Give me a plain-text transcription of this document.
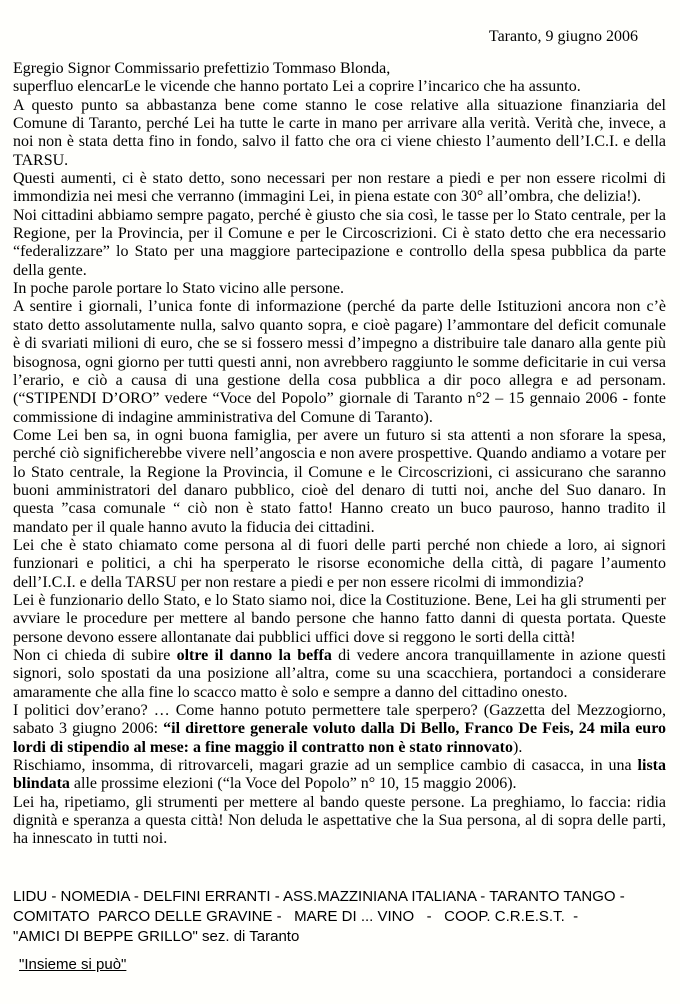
Taranto, 9 giugno 2006

Egregio Signor Commissario prefettizio Tommaso Blonda,

superfluo elencarLe le vicende che hanno portato Lei a coprire l’incarico che ha assunto.

A questo punto sa abbastanza bene come stanno le cose relative alla situazione finanziaria del Comune di Taranto, perché Lei ha tutte le carte in mano per arrivare alla verità. Verità che, invece, a noi non è stata detta fino in fondo, salvo il fatto che ora ci viene chiesto l’aumento dell’I.C.I. e della TARSU.

Questi aumenti, ci è stato detto, sono necessari per non restare a piedi e per non essere ricolmi di immondizia nei mesi che verranno (immagini Lei, in piena estate con 30° all’ombra, che delizia!).

Noi cittadini abbiamo sempre pagato, perché è giusto che sia così, le tasse per lo Stato centrale, per la Regione, per la Provincia, per il Comune e per le Circoscrizioni. Ci è stato detto che era necessario “federalizzare” lo Stato per una maggiore partecipazione e controllo della spesa pubblica da parte della gente.

In poche parole portare lo Stato vicino alle persone.

A sentire i giornali, l’unica fonte di informazione (perché da parte delle Istituzioni ancora non c’è stato detto assolutamente nulla, salvo quanto sopra, e cioè pagare) l’ammontare del deficit comunale è di svariati milioni di euro, che se si fossero messi d’impegno a distribuire tale danaro alla gente più bisognosa, ogni giorno per tutti questi anni, non avrebbero raggiunto le somme deficitarie in cui versa l’erario, e ciò a causa di una gestione della cosa pubblica a dir poco allegra e ad personam. (“STIPENDI D’ORO” vedere “Voce del Popolo” giornale di Taranto n°2 – 15 gennaio 2006 - fonte commissione di indagine amministrativa del Comune di Taranto).

Come Lei ben sa, in ogni buona famiglia, per avere un futuro si sta attenti a non sforare la spesa, perché ciò significherebbe vivere nell’angoscia e non avere prospettive. Quando andiamo a votare per lo Stato centrale, la Regione la Provincia, il Comune e le Circoscrizioni, ci assicurano che saranno buoni amministratori del danaro pubblico, cioè del denaro di tutti noi, anche del Suo danaro. In questa ”casa comunale “ ciò non è stato fatto! Hanno creato un buco pauroso, hanno tradito il mandato per il quale hanno avuto la fiducia dei cittadini.

Lei che è stato chiamato come persona al di fuori delle parti perché non chiede a loro, ai signori funzionari e politici, a chi ha sperperato le risorse economiche della città, di pagare l’aumento dell’I.C.I. e della TARSU per non restare a piedi e per non essere ricolmi di immondizia?

Lei è funzionario dello Stato, e lo Stato siamo noi, dice la Costituzione. Bene, Lei ha gli strumenti per avviare le procedure per mettere al bando persone che hanno fatto danni di questa portata. Queste persone devono essere allontanate dai pubblici uffici dove si reggono le sorti della città!

Non ci chieda di subire oltre il danno la beffa di vedere ancora tranquillamente in azione questi signori, solo spostati da una posizione all’altra, come su una scacchiera, portandoci a considerare amaramente che alla fine lo scacco matto è solo e sempre a danno del cittadino onesto.

I politici dov’erano? … Come hanno potuto permettere tale sperpero? (Gazzetta del Mezzogiorno, sabato 3 giugno 2006: “il direttore generale voluto dalla Di Bello, Franco De Feis, 24 mila euro lordi di stipendio al mese: a fine maggio il contratto non è stato rinnovato).

Rischiamo, insomma, di ritrovarceli, magari grazie ad un semplice cambio di casacca, in una lista blindata alle prossime elezioni (“la Voce del Popolo” n° 10, 15 maggio 2006).

Lei ha, ripetiamo, gli strumenti per mettere al bando queste persone. La preghiamo, lo faccia: ridia dignità e speranza a questa città! Non deluda le aspettative che la Sua persona, al di sopra delle parti, ha innescato in tutti noi.

LIDU - NOMEDIA - DELFINI ERRANTI - ASS.MAZZINIANA ITALIANA - TARANTO TANGO -
COMITATO  PARCO DELLE GRAVINE -   MARE DI ... VINO   -   COOP. C.R.E.S.T.  -
"AMICI DI BEPPE GRILLO" sez. di Taranto
"Insieme si può"
